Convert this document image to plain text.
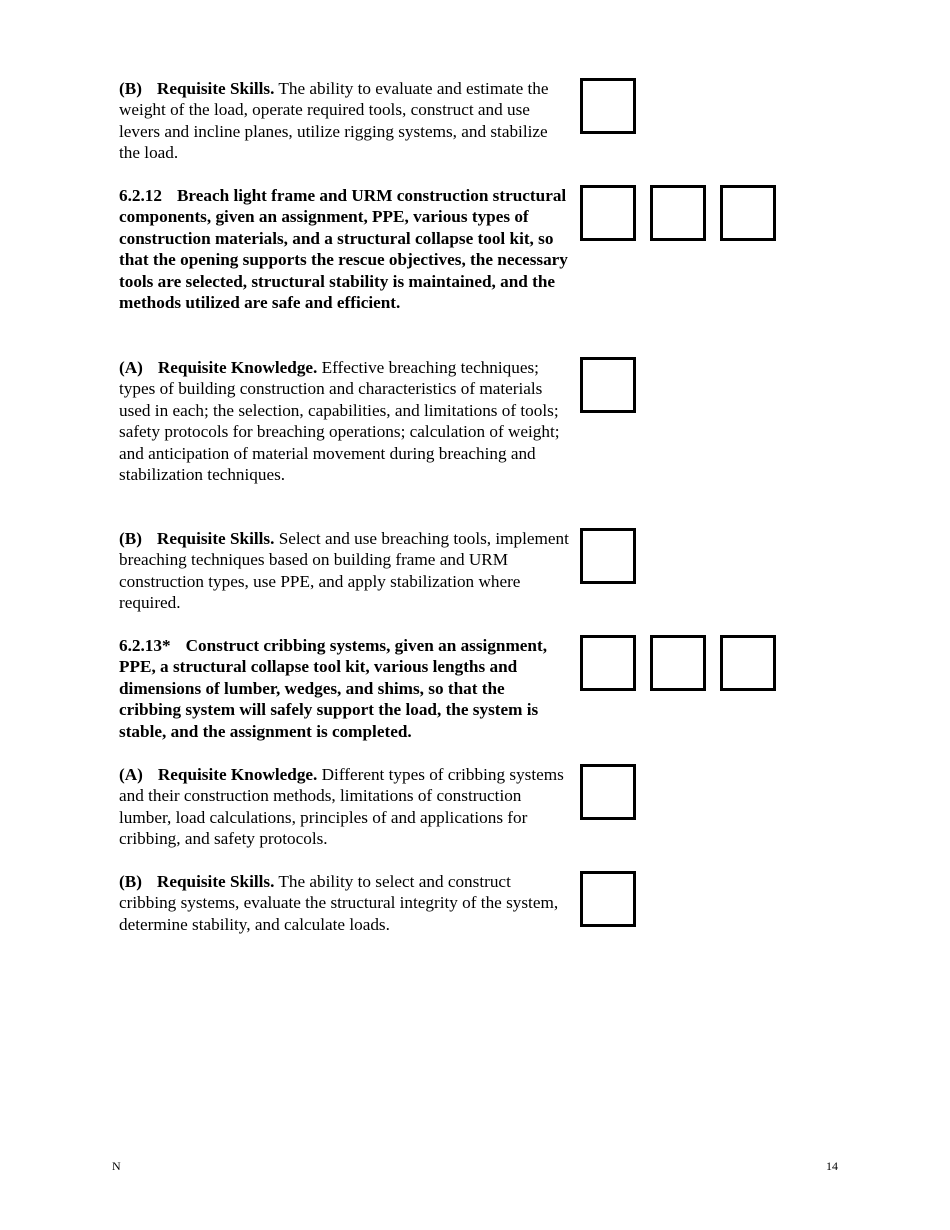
(B) Requisite Skills. The ability to evaluate and estimate the weight of the load, operate required tools, construct and use levers and incline planes, utilize rigging systems, and stabilize the load.

6.2.12 Breach light frame and URM construction structural components, given an assignment, PPE, various types of construction materials, and a structural collapse tool kit, so that the opening supports the rescue objectives, the necessary tools are selected, structural stability is maintained, and the methods utilized are safe and efficient.

(A) Requisite Knowledge. Effective breaching techniques; types of building construction and characteristics of materials used in each; the selection, capabilities, and limitations of tools; safety protocols for breaching operations; calculation of weight; and anticipation of material movement during breaching and stabilization techniques.

(B) Requisite Skills. Select and use breaching tools, implement breaching techniques based on building frame and URM construction types, use PPE, and apply stabilization where required.

6.2.13* Construct cribbing systems, given an assignment, PPE, a structural collapse tool kit, various lengths and dimensions of lumber, wedges, and shims, so that the cribbing system will safely support the load, the system is stable, and the assignment is completed.

(A) Requisite Knowledge. Different types of cribbing systems and their construction methods, limitations of construction lumber, load calculations, principles of and applications for cribbing, and safety protocols.

(B) Requisite Skills. The ability to select and construct cribbing systems, evaluate the structural integrity of the system, determine stability, and calculate loads.

N	14
